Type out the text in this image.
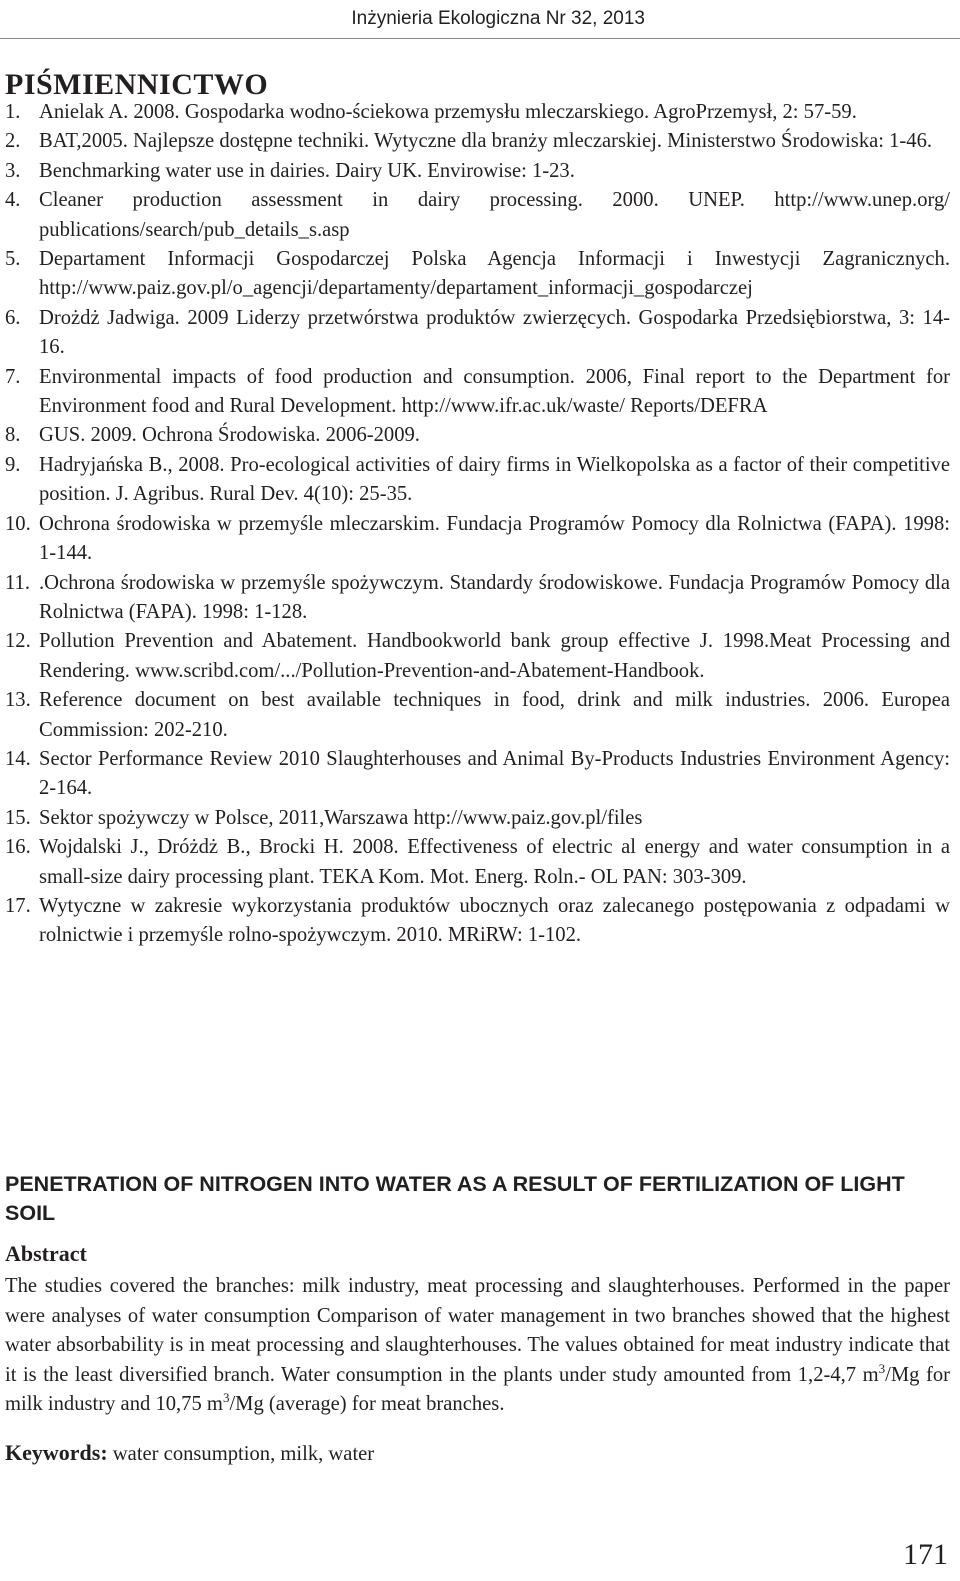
Inżynieria Ekologiczna Nr 32, 2013
PIŚMIENNICTWO
1. Anielak A. 2008. Gospodarka wodno-ściekowa przemysłu mleczarskiego. AgroPrzemysł, 2: 57-59.
2. BAT,2005. Najlepsze dostępne techniki. Wytyczne dla branży mleczarskiej. Ministerstwo Środowiska: 1-46.
3. Benchmarking water use in dairies. Dairy UK. Envirowise: 1-23.
4. Cleaner production assessment in dairy processing. 2000. UNEP. http://www.unep.org/ publications/search/pub_details_s.asp
5. Departament Informacji Gospodarczej Polska Agencja Informacji i Inwestycji Zagranicznych. http://www.paiz.gov.pl/o_agencji/departamenty/departament_informacji_gospodarczej
6. Drożdż Jadwiga. 2009 Liderzy przetwórstwa produktów zwierzęcych. Gospodarka Przedsiębiorstwa, 3: 14-16.
7. Environmental impacts of food production and consumption. 2006, Final report to the Department for Environment food and Rural Development. http://www.ifr.ac.uk/waste/ Reports/DEFRA
8. GUS. 2009. Ochrona Środowiska. 2006-2009.
9. Hadryjańska B., 2008. Pro-ecological activities of dairy firms in Wielkopolska as a factor of their competitive position. J. Agribus. Rural Dev. 4(10): 25-35.
10. Ochrona środowiska w przemyśle mleczarskim. Fundacja Programów Pomocy dla Rolnictwa (FAPA). 1998: 1-144.
11. .Ochrona środowiska w przemyśle spożywczym. Standardy środowiskowe. Fundacja Programów Pomocy dla Rolnictwa (FAPA). 1998: 1-128.
12. Pollution Prevention and Abatement. Handbookworld bank group effective J. 1998.Meat Processing and Rendering. www.scribd.com/.../Pollution-Prevention-and-Abatement-Handbook.
13. Reference document on best available techniques in food, drink and milk industries. 2006. Europea Commission: 202-210.
14. Sector Performance Review 2010 Slaughterhouses and Animal By-Products Industries Environment Agency: 2-164.
15. Sektor spożywczy w Polsce, 2011,Warszawa http://www.paiz.gov.pl/files
16. Wojdalski J., Dróżdż B., Brocki H. 2008. Effectiveness of electric al energy and water consumption in a small-size dairy processing plant. TEKA Kom. Mot. Energ. Roln.- OL PAN: 303-309.
17. Wytyczne w zakresie wykorzystania produktów ubocznych oraz zalecanego postępowania z odpadami w rolnictwie i przemyśle rolno-spożywczym. 2010. MRiRW: 1-102.
PENETRATION OF NITROGEN INTO WATER AS A RESULT OF FERTILIZATION OF LIGHT SOIL
Abstract

The studies covered the branches: milk industry, meat processing and slaughterhouses. Performed in the paper were analyses of water consumption Comparison of water management in two branches showed that the highest water absorbability is in meat processing and slaughterhouses. The values obtained for meat industry indicate that it is the least diversified branch. Water consumption in the plants under study amounted from 1,2-4,7 $m^3/Mg$ for milk industry and 10,75 $m^3/Mg$ (average) for meat branches.

Keywords: water consumption, milk, water
171
